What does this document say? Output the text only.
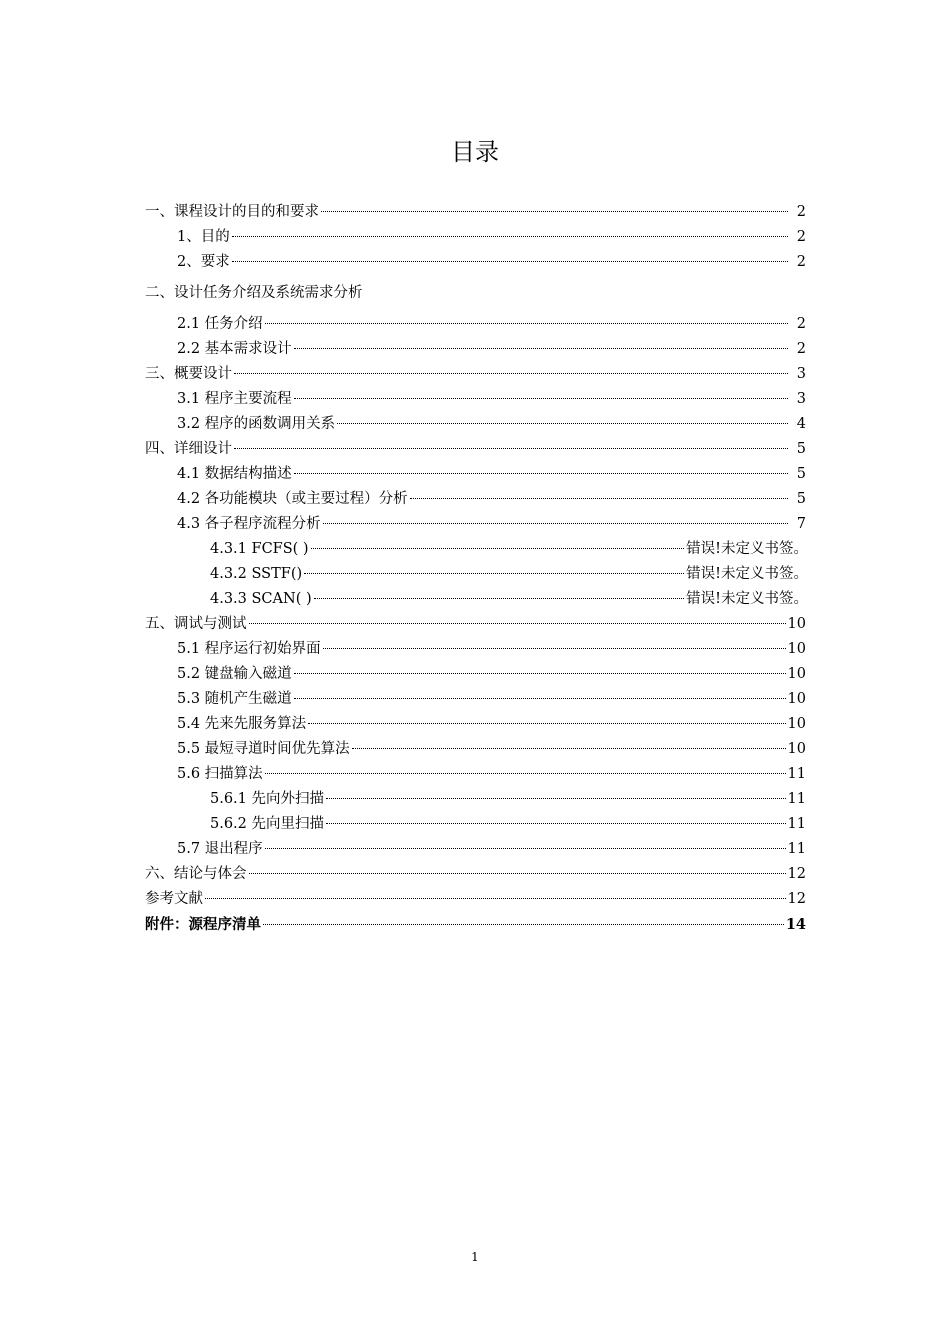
目录
一、课程设计的目的和要求	2
1、目的	2
2、要求	2
二、设计任务介绍及系统需求分析
2.1 任务介绍	2
2.2 基本需求设计	2
三、概要设计	3
3.1 程序主要流程	3
3.2 程序的函数调用关系	4
四、详细设计	5
4.1 数据结构描述	5
4.2 各功能模块（或主要过程）分析	5
4.3 各子程序流程分析	7
4.3.1 FCFS( )	错误!未定义书签。
4.3.2 SSTF()	错误!未定义书签。
4.3.3 SCAN( )	错误!未定义书签。
五、调试与测试	10
5.1 程序运行初始界面	10
5.2 键盘输入磁道	10
5.3 随机产生磁道	10
5.4 先来先服务算法	10
5.5 最短寻道时间优先算法	10
5.6 扫描算法	11
5.6.1 先向外扫描	11
5.6.2 先向里扫描	11
5.7 退出程序	11
六、结论与体会	12
参考文献	12
附件：源程序清单	14
1
